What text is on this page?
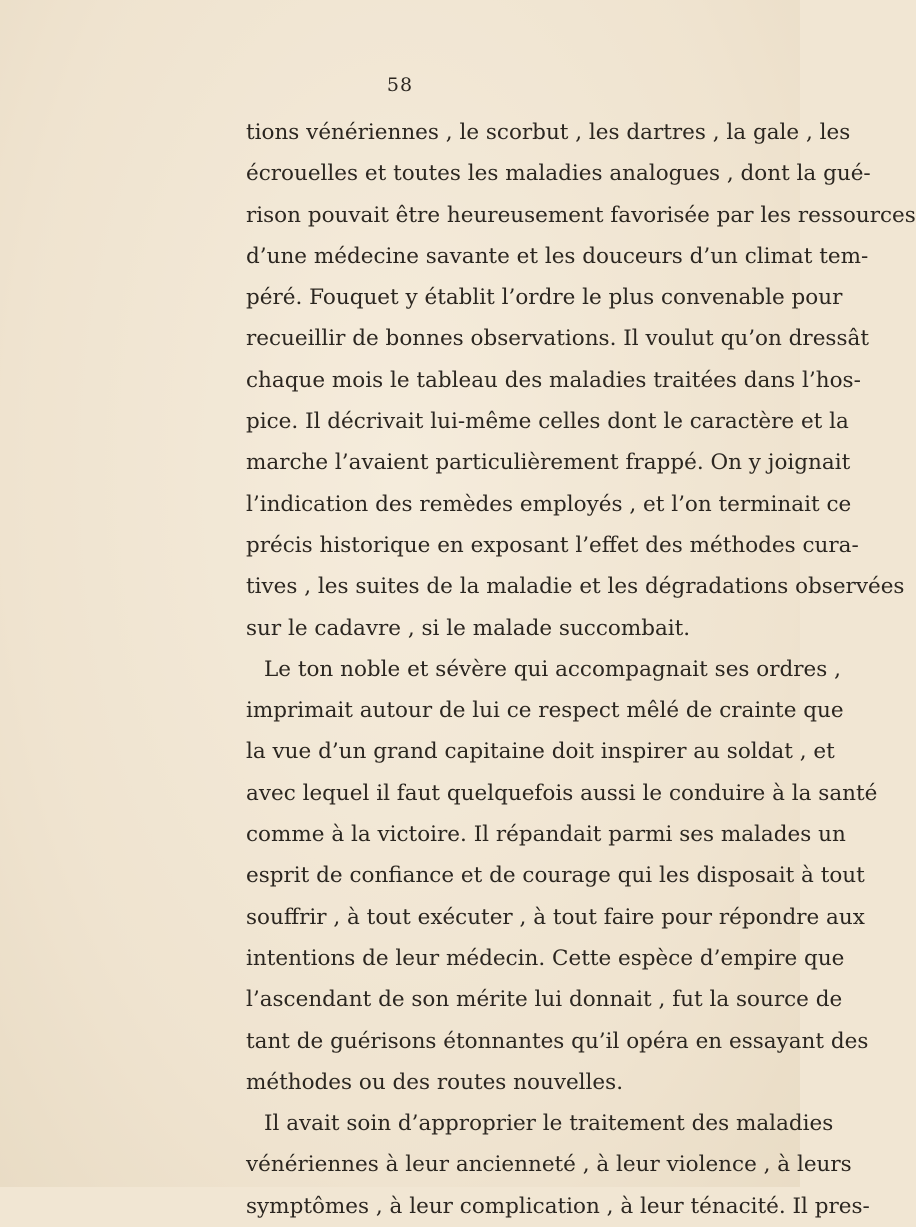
58
tions vénériennes , le scorbut , les dartres , la gale , les
écrouelles et toutes les maladies analogues , dont la gué-
rison pouvait être heureusement favorisée par les ressources
d’une médecine savante et les douceurs d’un climat tem-
péré. Fouquet y établit l’ordre le plus convenable pour
recueillir de bonnes observations. Il voulut qu’on dressât
chaque mois le tableau des maladies traitées dans l’hos-
pice. Il décrivait lui-même celles dont le caractère et la
marche l’avaient particulièrement frappé. On y joignait
l’indication des remèdes employés , et l’on terminait ce
précis historique en exposant l’effet des méthodes cura-
tives , les suites de la maladie et les dégradations observées
sur le cadavre , si le malade succombait.
Le ton noble et sévère qui accompagnait ses ordres ,
imprimait autour de lui ce respect mêlé de crainte que
la vue d’un grand capitaine doit inspirer au soldat , et
avec lequel il faut quelquefois aussi le conduire à la santé
comme à la victoire. Il répandait parmi ses malades un
esprit de confiance et de courage qui les disposait à tout
souffrir , à tout exécuter , à tout faire pour répondre aux
intentions de leur médecin. Cette espèce d’empire que
l’ascendant de son mérite lui donnait , fut la source de
tant de guérisons étonnantes qu’il opéra en essayant des
méthodes ou des routes nouvelles.
Il avait soin d’approprier le traitement des maladies
vénériennes à leur ancienneté , à leur violence , à leurs
symptômes , à leur complication , à leur ténacité. Il pres-
